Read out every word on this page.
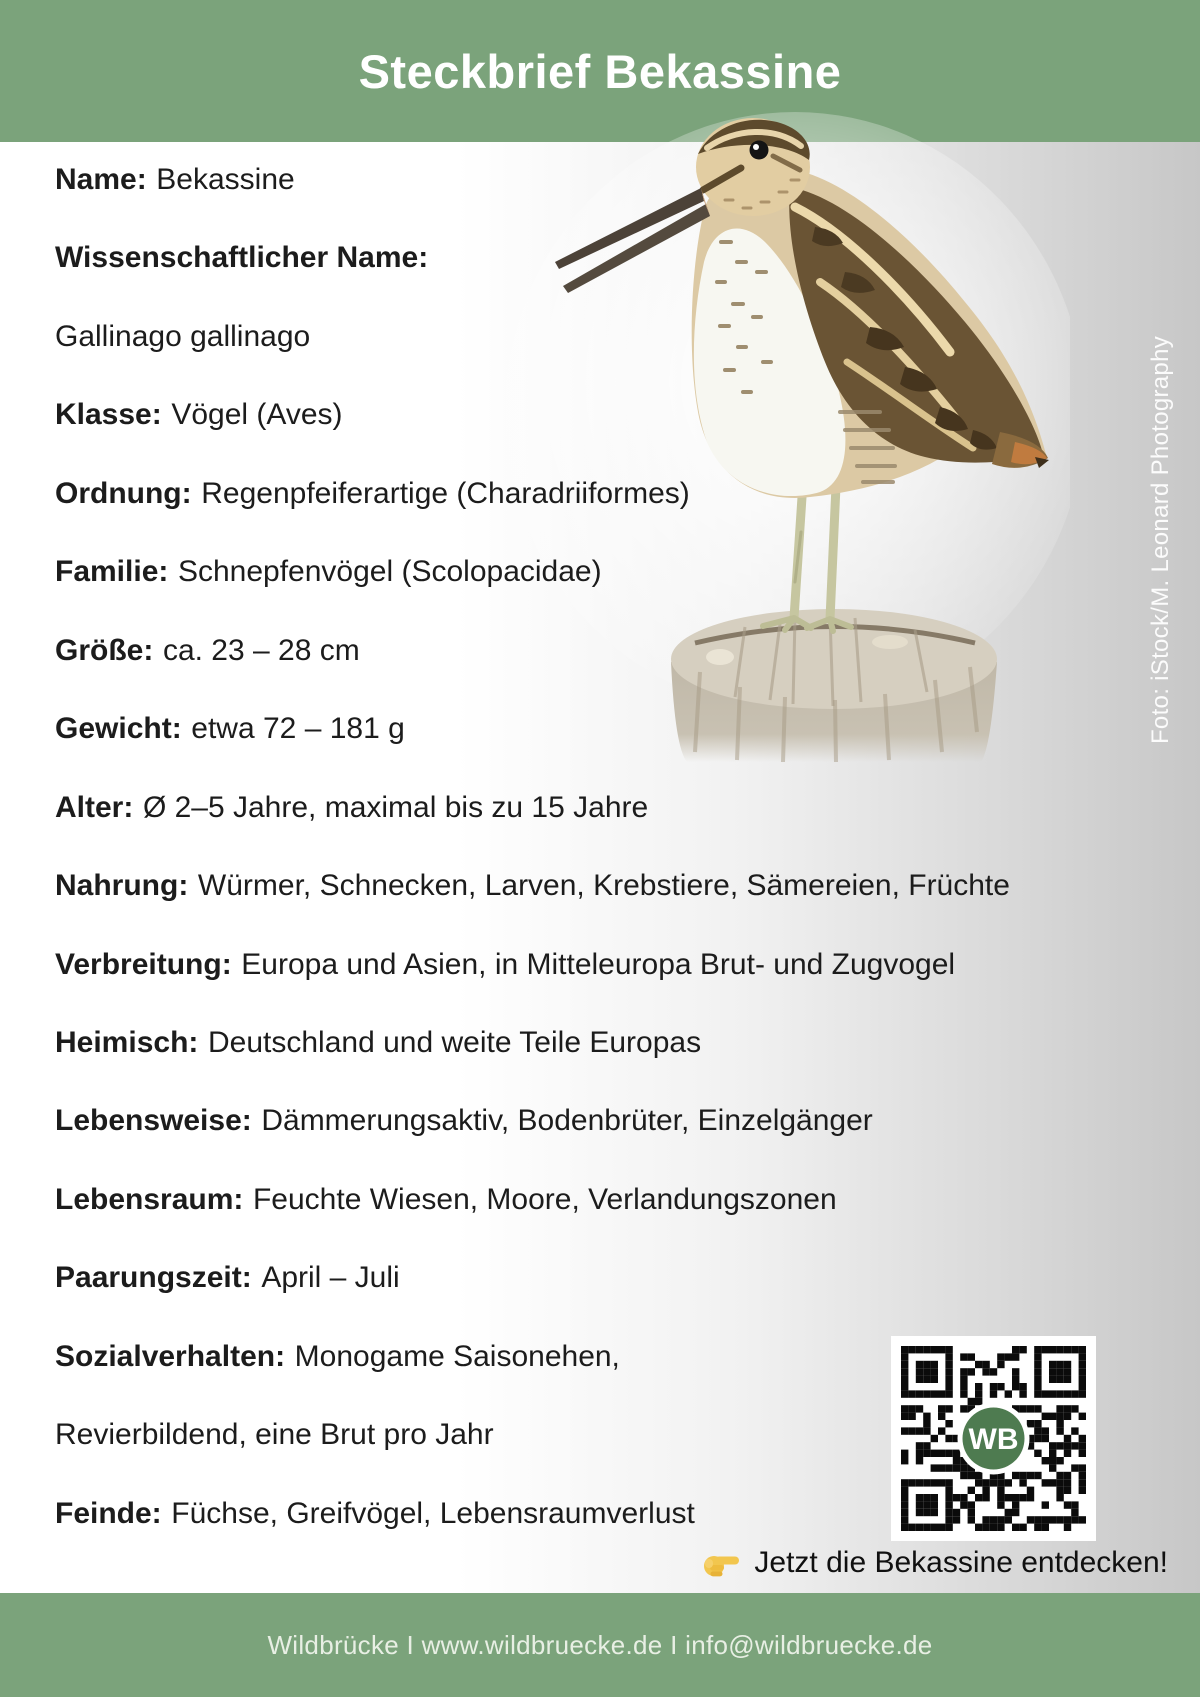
Steckbrief Bekassine
Foto: iStock/M. Leonard Photography
Name: Bekassine
Wissenschaftlicher Name:
Gallinago gallinago
Klasse: Vögel (Aves)
Ordnung: Regenpfeiferartige (Charadriiformes)
Familie: Schnepfenvögel (Scolopacidae)
Größe: ca. 23 – 28 cm
Gewicht: etwa 72 – 181 g
Alter: Ø 2–5 Jahre, maximal bis zu 15 Jahre
Nahrung: Würmer, Schnecken, Larven, Krebstiere, Sämereien, Früchte
Verbreitung: Europa und Asien, in Mitteleuropa Brut- und Zugvogel
Heimisch: Deutschland und weite Teile Europas
Lebensweise: Dämmerungsaktiv, Bodenbrüter, Einzelgänger
Lebensraum: Feuchte Wiesen, Moore, Verlandungszonen
Paarungszeit: April – Juli
Sozialverhalten: Monogame Saisonehen,
Revierbildend, eine Brut pro Jahr
Feinde: Füchse, Greifvögel, Lebensraumverlust
WB
Jetzt die Bekassine entdecken!
Wildbrücke I www.wildbruecke.de I info@wildbruecke.de
